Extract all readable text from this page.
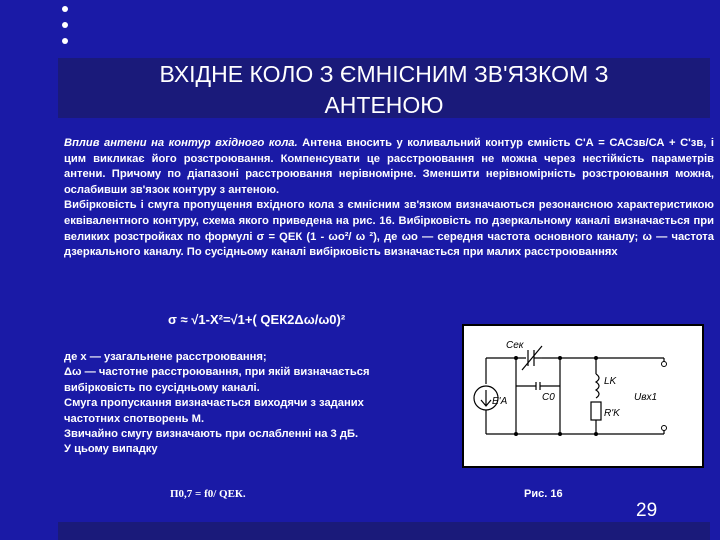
ВХІДНЕ КОЛО З ЄМНІСНИМ ЗВ'ЯЗКОМ З
АНТЕНОЮ

Вплив антени на контур вхідного кола. Антена вносить у коливальний контур ємність С'А = САСзв/СА + С'зв, і цим викликає його розстроювання. Компенсувати це расстроювання не можна через нестійкість параметрів антени. Причому по діапазоні расстроювання нерівномірне. Зменшити нерівномірність розстроювання можна, ослабивши зв'язок контуру з антеною.

Вибірковість і смуга пропущення вхідного кола з ємнісним зв'язком визначаються резонансною характеристикою еквівалентного контуру, схема якого приведена на рис. 16. Вибірковість по дзеркальному каналі визначається при великих розстройках по формулі σ = QЕК (1 - ωо²/ ω ²), де ωо — середня частота основного каналу; ω — частота дзеркального каналу. По сусідньому каналі вибірковість визначається при малих расстроюваннях

σ ≈ √1-Х²=√1+( QЕК2Δω/ω0)²

де х — узагальнене расстроювання;

Δω — частотне расстроювання, при якій визначається

вибірковість по сусідньому каналі.

Смуга пропускання визначається виходячи з заданих

частотних спотворень М.

Звичайно смугу визначають при ослабленні на 3 дБ.

У цьому випадку

П0,7 = f0/ QЕК.
Сек
E'A	C0
LK
R'K
Uвх1
Рис. 16
29
